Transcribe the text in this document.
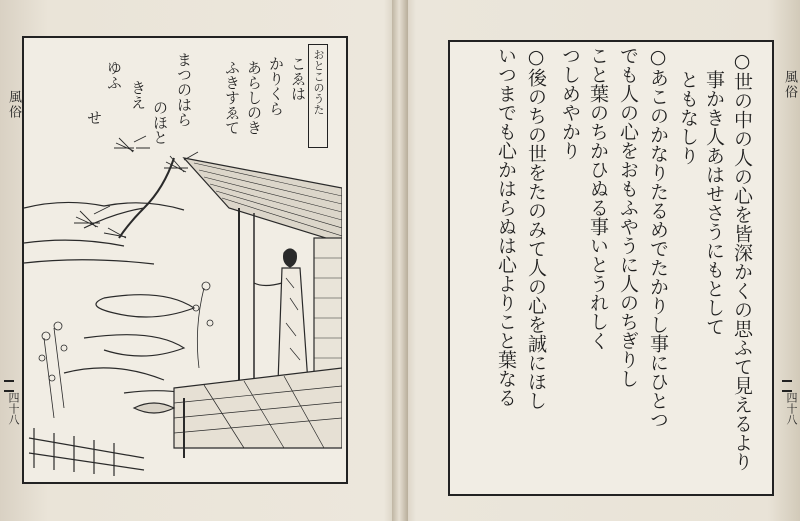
風俗
四十八
おとこのうた
こゑは
かりくら
あらしのき
ふきすゑて
まつのはら
のほと
きえ
ゆふ
せ	○世の中の人の心を皆深かくの思ふて見えるより
事かき人あはせさうにもとして
ともなしり
○あこのかなりたるめでたかりし事にひとつ
でも人の心をおもふやうに人のちぎりし
こと葉のちかひぬる事いとうれしく
つしめやかり
○後のちの世をたのみて人の心を誠にほし
いつまでも心かはらぬは心よりこと葉なる	風俗
四十八
